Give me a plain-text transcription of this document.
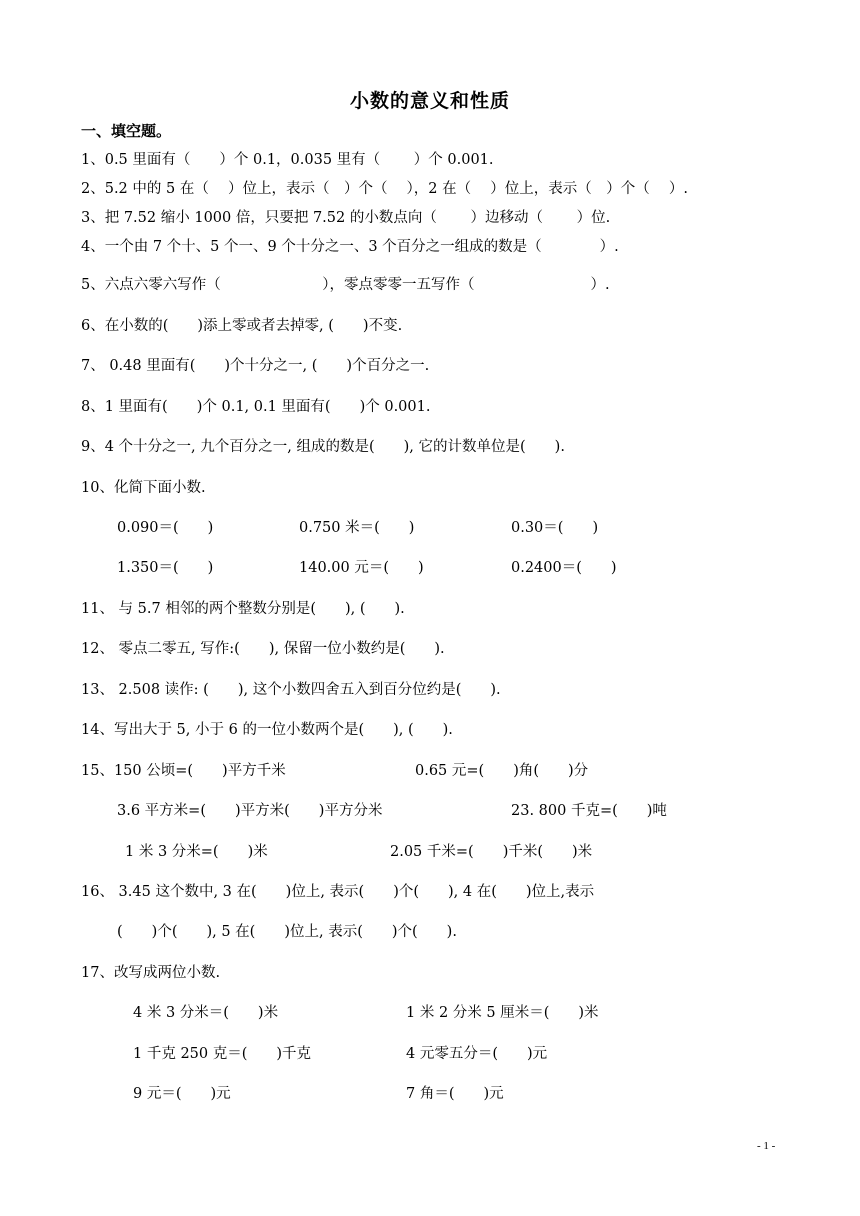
小数的意义和性质
一、填空题。
1、0.5 里面有（　　）个 0.1，0.035 里有（　　 ）个 0.001.
2、5.2 中的 5 在（　 ）位上，表示（　）个（　 ），2 在（　 ）位上，表示（　）个（　 ）.
3、把 7.52 缩小 1000 倍，只要把 7.52 的小数点向（　　 ）边移动（　　 ）位.
4、一个由 7 个十、5 个一、9 个十分之一、3 个百分之一组成的数是（　　　　）.
5、六点六零六写作（　　　　　　　），零点零零一五写作（　　　　　　　　）.
6、在小数的(　　)添上零或者去掉零, (　　)不变.
7、 0.48 里面有(　　)个十分之一, (　　)个百分之一.
8、1 里面有(　　)个 0.1, 0.1 里面有(　　)个 0.001.
9、4 个十分之一, 九个百分之一, 组成的数是(　　), 它的计数单位是(　　).
10、化简下面小数.
0.090＝(　　)	0.750 米＝(　　)	0.30＝(　　)
1.350＝(　　)	140.00 元＝(　　)	0.2400＝(　　)
11、 与 5.7 相邻的两个整数分别是(　　), (　　).
12、 零点二零五, 写作:(　　), 保留一位小数约是(　　).
13、 2.508 读作: (　　), 这个小数四舍五入到百分位约是(　　).
14、写出大于 5, 小于 6 的一位小数两个是(　　), (　　).
15、150 公顷=(　　)平方千米	0.65 元=(　　)角(　　)分
3.6 平方米=(　　)平方米(　　)平方分米	23. 800 千克=(　　)吨
1 米 3 分米=(　　)米	2.05 千米=(　　)千米(　　)米
16、 3.45 这个数中, 3 在(　　)位上, 表示(　　)个(　　), 4 在(　　)位上,表示
(　　)个(　　), 5 在(　　)位上, 表示(　　)个(　　).
17、改写成两位小数.
4 米 3 分米＝(　　)米	1 米 2 分米 5 厘米＝(　　)米
1 千克 250 克＝(　　)千克	4 元零五分＝(　　)元
9 元＝(　　)元	7 角＝(　　)元
- 1 -
